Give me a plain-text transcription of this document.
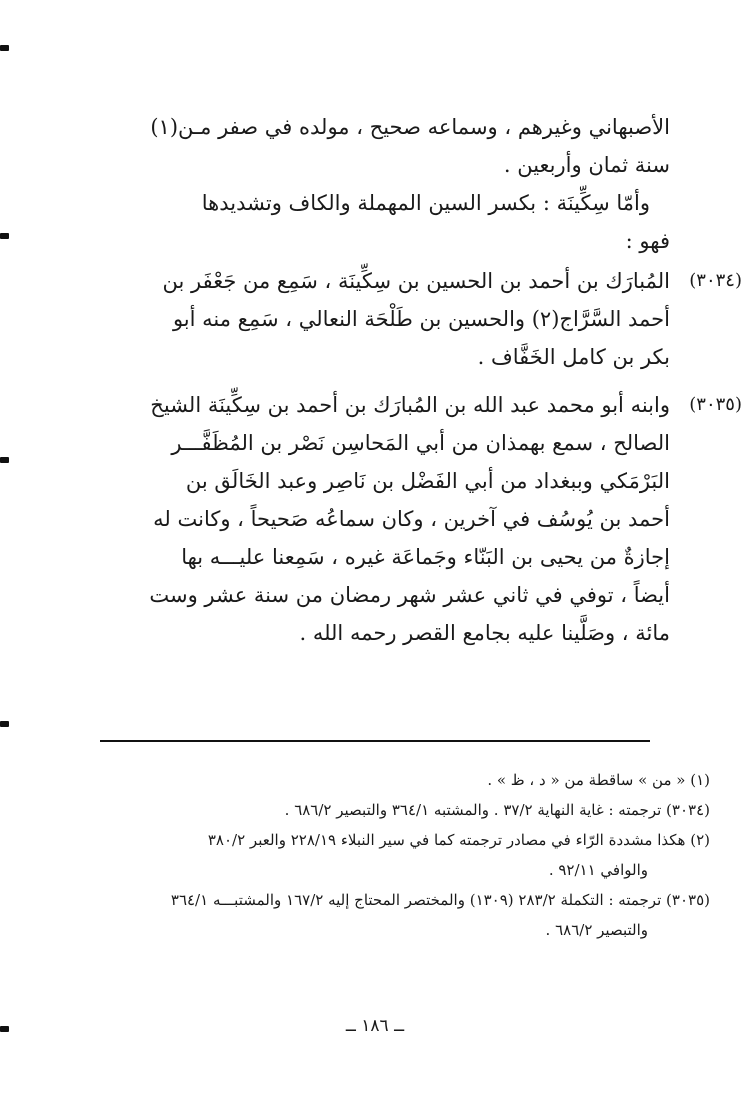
الأصبهاني وغيرهم ، وسماعه صحيح ، مولده في صفر مـن(١)
سنة ثمان وأربعين .
وأمّا سِكِّينَة : بكسر السين المهملة والكاف وتشديدها
فهو :
(٣٠٣٤)
المُبارَك بن أحمد بن الحسين بن سِكِّينَة ، سَمِع من جَعْفَر بن
أحمد السَّرَّاج(٢) والحسين بن طَلْحَة النعالي ، سَمِع منه أبو
بكر بن كامل الخَفَّاف .
(٣٠٣٥)
وابنه أبو محمد عبد الله بن المُبارَك بن أحمد بن سِكِّينَة الشيخ
الصالح ، سمع بهمذان من أبي المَحاسِن نَصْر بن المُظَفَّـــر
البَرْمَكي وببغداد من أبي الفَضْل بن نَاصِر وعبد الخَالَق بن
أحمد بن يُوسُف في آخرين ، وكان سماعُه صَحيحاً ، وكانت له
إجازةٌ من يحيى بن البَنّاء وجَماعَة غيره ، سَمِعنا عليـــه بها
أيضاً ، توفي في ثاني عشر شهر رمضان من سنة عشر وست
مائة ، وصَلَّينا عليه بجامع القصر رحمه الله .
(١) « من » ساقطة من « د ، ظ » .
(٣٠٣٤) ترجمته : غاية النهاية ٣٧/٢ . والمشتبه ٣٦٤/١ والتبصير ٦٨٦/٢ .
(٢) هكذا مشددة الرّاء في مصادر ترجمته كما في سير النبلاء ٢٢٨/١٩ والعبر ٣٨٠/٢
والوافي ٩٢/١١ .
(٣٠٣٥) ترجمته : التكملة ٢٨٣/٢ (١٣٠٩) والمختصر المحتاج إليه ١٦٧/٢ والمشتبـــه ٣٦٤/١
والتبصير ٦٨٦/٢ .
ــ ١٨٦ ــ
